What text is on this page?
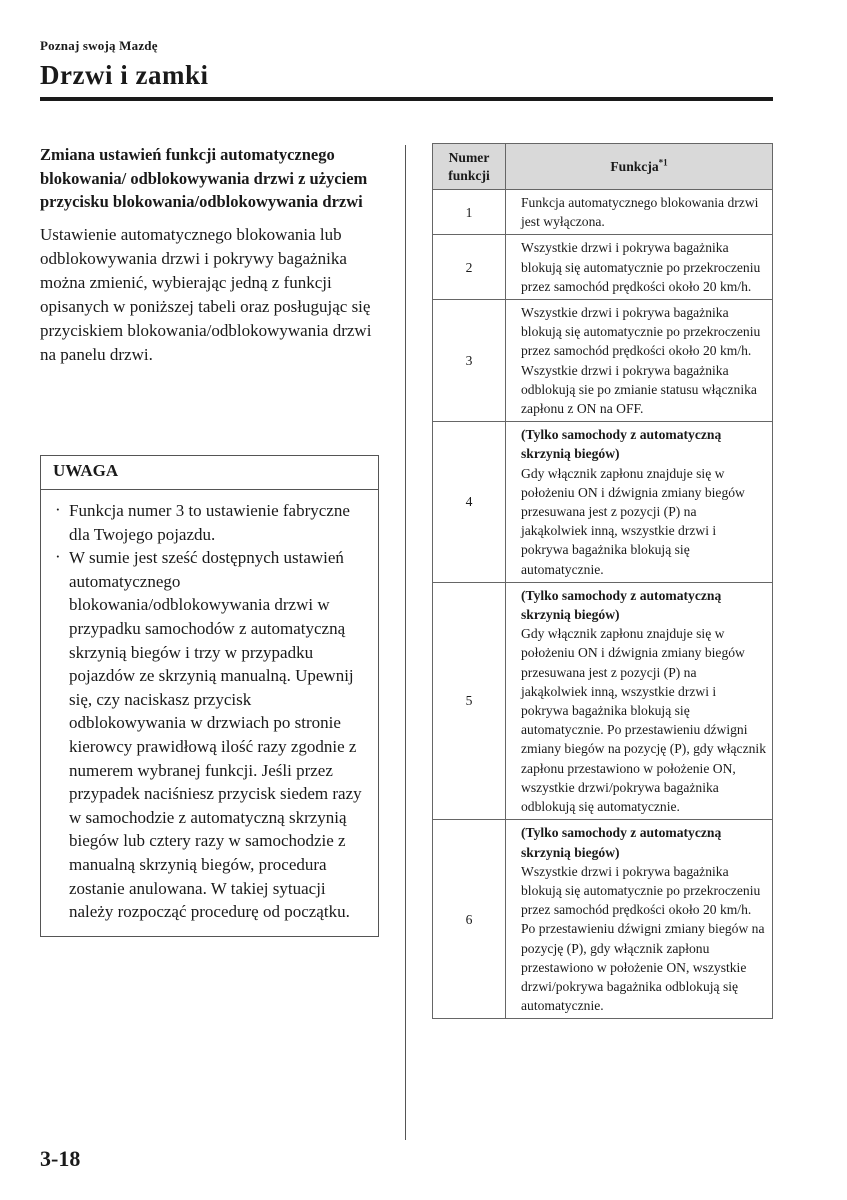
Poznaj swoją Mazdę
Drzwi i zamki

Zmiana ustawień funkcji automatycznego blokowania/ odblokowywania drzwi z użyciem przycisku blokowania/odblokowywania drzwi

Ustawienie automatycznego blokowania lub odblokowywania drzwi i pokrywy bagażnika można zmienić, wybierając jedną z funkcji opisanych w poniższej tabeli oraz posługując się przyciskiem blokowania/odblokowywania drzwi na panelu drzwi.

UWAGA
· Funkcja numer 3 to ustawienie fabryczne dla Twojego pojazdu.
· W sumie jest sześć dostępnych ustawień automatycznego blokowania/odblokowywania drzwi w przypadku samochodów z automatyczną skrzynią biegów i trzy w przypadku pojazdów ze skrzynią manualną. Upewnij się, czy naciskasz przycisk odblokowywania w drzwiach po stronie kierowcy prawidłową ilość razy zgodnie z numerem wybranej funkcji. Jeśli przez przypadek naciśniesz przycisk siedem razy w samochodzie z automatyczną skrzynią biegów lub cztery razy w samochodzie z manualną skrzynią biegów, procedura zostanie anulowana. W takiej sytuacji należy rozpocząć procedurę od początku.
Numer funkcji	Funkcja$^{*1}$
1	Funkcja automatycznego blokowania drzwi jest wyłączona.
2	Wszystkie drzwi i pokrywa bagażnika blokują się automatycznie po przekroczeniu przez samochód prędkości około 20 km/h.
3	Wszystkie drzwi i pokrywa bagażnika blokują się automatycznie po przekroczeniu przez samochód prędkości około 20 km/h. Wszystkie drzwi i pokrywa bagażnika odblokują sie po zmianie statusu włącznika zapłonu z ON na OFF.
4	(Tylko samochody z automatyczną skrzynią biegów)
Gdy włącznik zapłonu znajduje się w położeniu ON i dźwignia zmiany biegów przesuwana jest z pozycji (P) na jakąkolwiek inną, wszystkie drzwi i pokrywa bagażnika blokują się automatycznie.
5	(Tylko samochody z automatyczną skrzynią biegów)
Gdy włącznik zapłonu znajduje się w położeniu ON i dźwignia zmiany biegów przesuwana jest z pozycji (P) na jakąkolwiek inną, wszystkie drzwi i pokrywa bagażnika blokują się automatycznie. Po przestawieniu dźwigni zmiany biegów na pozycję (P), gdy włącznik zapłonu przestawiono w położenie ON, wszystkie drzwi/pokrywa bagażnika odblokują się automatycznie.
6	(Tylko samochody z automatyczną skrzynią biegów)
Wszystkie drzwi i pokrywa bagażnika blokują się automatycznie po przekroczeniu przez samochód prędkości około 20 km/h. Po przestawieniu dźwigni zmiany biegów na pozycję (P), gdy włącznik zapłonu przestawiono w położenie ON, wszystkie drzwi/pokrywa bagażnika odblokują się automatycznie.
3-18
